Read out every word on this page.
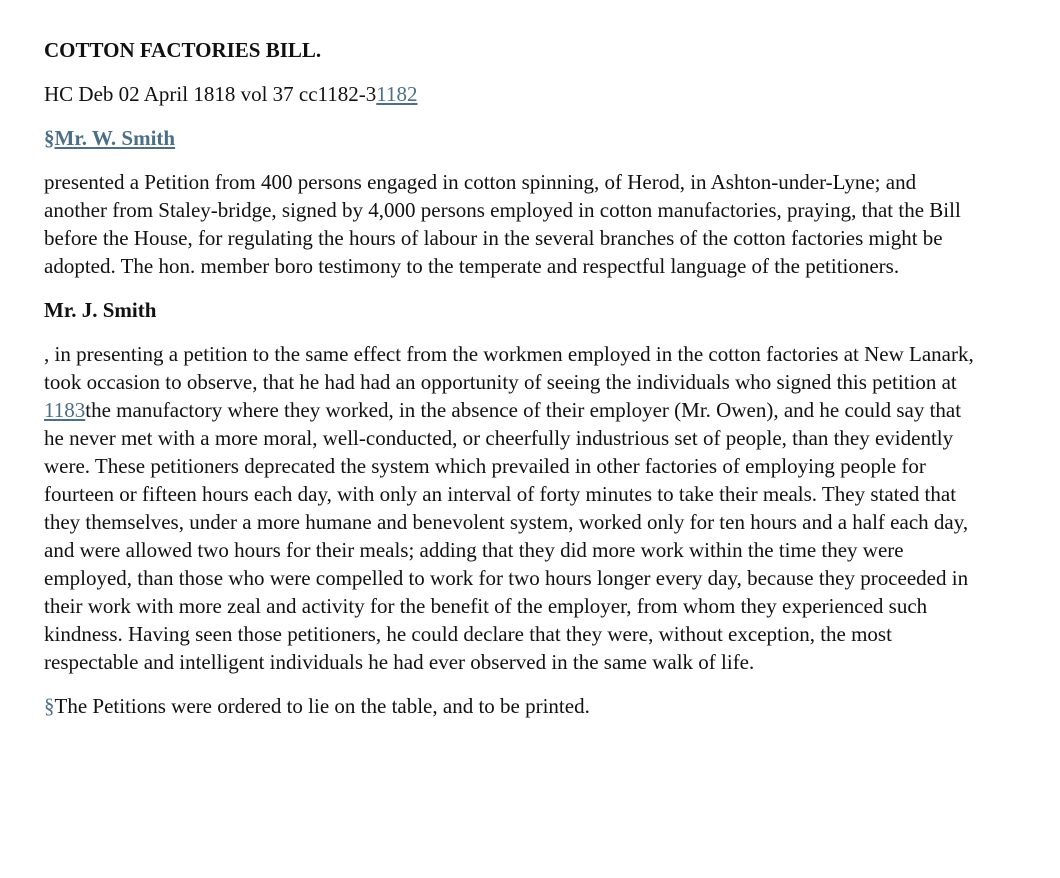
COTTON FACTORIES BILL.
HC Deb 02 April 1818 vol 37 cc1182-31182
§Mr. W. Smith

presented a Petition from 400 persons engaged in cotton spinning, of Herod, in Ashton-under-Lyne; and another from Staley-bridge, signed by 4,000 persons employed in cotton manufactories, praying, that the Bill before the House, for regulating the hours of labour in the several branches of the cotton factories might be adopted. The hon. member boro testimony to the temperate and respectful language of the petitioners.

Mr. J. Smith

, in presenting a petition to the same effect from the workmen employed in the cotton factories at New Lanark, took occasion to observe, that he had had an opportunity of seeing the individuals who signed this petition at 1183the manufactory where they worked, in the absence of their employer (Mr. Owen), and he could say that he never met with a more moral, well-conducted, or cheerfully industrious set of people, than they evidently were. These petitioners deprecated the system which prevailed in other factories of employing people for fourteen or fifteen hours each day, with only an interval of forty minutes to take their meals. They stated that they themselves, under a more humane and benevolent system, worked only for ten hours and a half each day, and were allowed two hours for their meals; adding that they did more work within the time they were employed, than those who were compelled to work for two hours longer every day, because they proceeded in their work with more zeal and activity for the benefit of the employer, from whom they experienced such kindness. Having seen those petitioners, he could declare that they were, without exception, the most respectable and intelligent individuals he had ever observed in the same walk of life.

§The Petitions were ordered to lie on the table, and to be printed.
